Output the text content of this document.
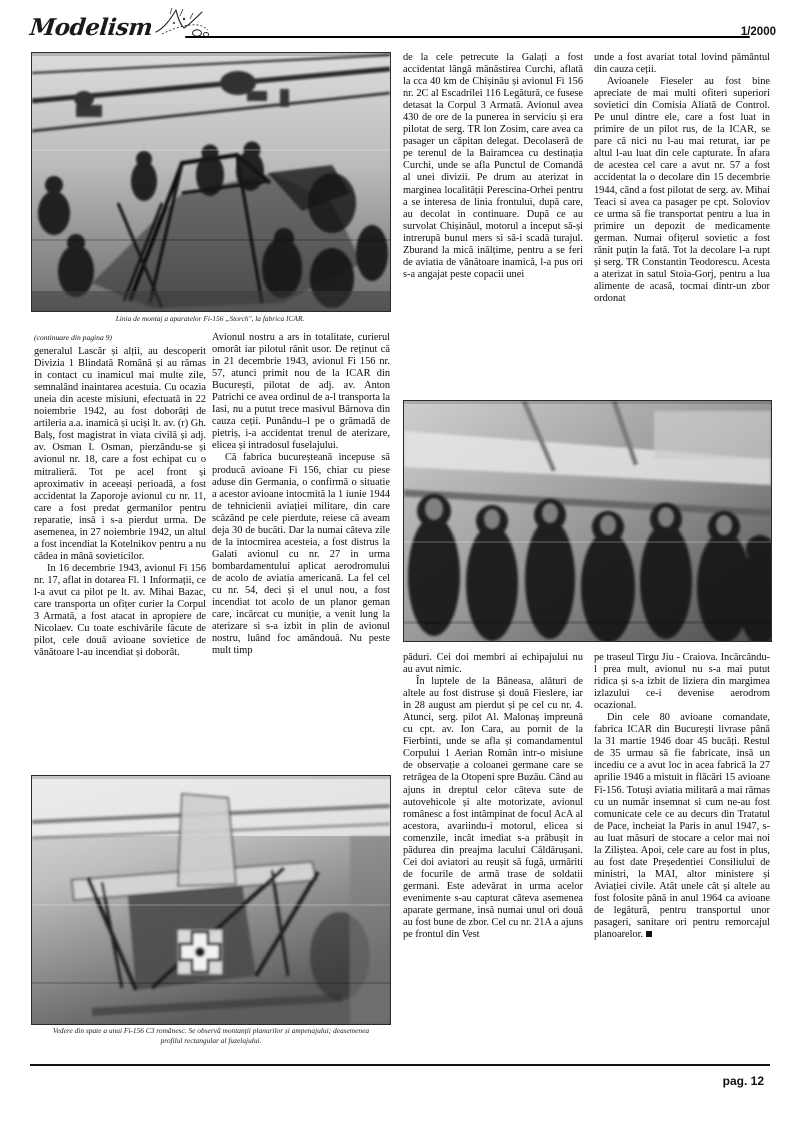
Modelism	1/2000
Linia de montaj a aparatelor Fi-156 „Storch", la fabrica ICAR.

(continuare din pagina 9)

generalul Lascăr și alții, au descoperit Divizia 1 Blindată Română și au rămas in contact cu inamicul mai multe zile, semnalând inaintarea acestuia. Cu ocazia uneia din aceste misiuni, efectuată in 22 noiembrie 1942, au fost doborâți de artileria a.a. inamică și uciși lt. av. (r) Gh. Balș, fost magistrat in viata civilă și adj. av. Osman I. Osman, pierzându-se și avionul nr. 18, care a fost echipat cu o mitralieră. Tot pe acel front și aproximativ in aceeași perioadă, a fost accidentat la Zaporoje avionul cu nr. 11, care a fost predat germanilor pentru reparatie, insă i s-a pierdut urma. De asemenea, in 27 noiembrie 1942, un altul a fost incendiat la Kotelnikov pentru a nu cădea in mână sovieticilor.

In 16 decembrie 1943, avionul Fi 156 nr. 17, aflat in dotarea Fl. 1 Informații, ce l-a avut ca pilot pe lt. av. Mihai Bazac, care transporta un ofițer curier la Corpul 3 Armată, a fost atacat in apropiere de Nicolaev. Cu toate eschivările făcute de pilot, cele două avioane sovietice de vânătoare l-au incendiat și doborât.

Avionul nostru a ars in totalitate, curierul omorât iar pilotul rănit usor. De reținut că in 21 decembrie 1943, avionul Fi 156 nr. 57, atunci primit nou de la ICAR din București, pilotat de adj. av. Anton Patrichi ce avea ordinul de a-l transporta la Iasi, nu a putut trece masivul Bârnova din cauza ceții. Punându–l pe o grămadă de pietriș, i-a accidentat trenul de aterizare, elicea și intradosul fuselajului.

Că fabrica bucureșteană incepuse să producă avioane Fi 156, chiar cu piese aduse din Germania, o confirmă o situatie a acestor avioane intocmită la 1 iunie 1944 de tehnicienii aviației militare, din care scăzând pe cele pierdute, reiese că aveam deja 30 de bucăti. Dar la numai câteva zile de la intocmirea acesteia, a fost distrus la Galati avionul cu nr. 27 in urma bombardamentului aplicat aerodromului de acolo de aviatia americană. La fel cel cu nr. 54, deci și el unul nou, a fost incendiat tot acolo de un planor geman care, incărcat cu muniție, a venit lung la aterizare si s-a izbit in plin de avionul nostru, luând foc amândouă. Nu peste mult timp

de la cele petrecute la Galați a fost accidentat lângă mănăstirea Curchi, aflată la cca 40 km de Chișinău și avionul Fi 156 nr. 2C al Escadrilei 116 Legătură, ce fusese detasat la Corpul 3 Armată. Avionul avea 430 de ore de la punerea in serviciu și era pilotat de serg. TR lon Zosim, care avea ca pasager un căpitan delegat. Decolaseră de pe terenul de la Bairamcea cu destinația Curchi, unde se afla Punctul de Comandă al unei divizii. Pe drum au aterizat in marginea localității Perescina-Orhei pentru a se interesa de linia frontului, după care, au decolat in continuare. După ce au survolat Chișinăul, motorul a inceput să-și intrerupă bunul mers si să-i scadă turajul. Zburand la mică inălțime, pentru a se feri de aviatia de vânătoare inamică, l-a pus ori s-a angajat peste copacii unei

unde a fost avariat total lovind pământul din cauza ceții.

Avioanele Fieseler au fost bine apreciate de mai multi ofiteri superiori sovietici din Comisia Aliată de Control. Pe unul dintre ele, care a fost luat in primire de un pilot rus, de la ICAR, se pare că nici nu l-au mai returat, iar pe altul l-au luat din cele capturate. În afara de acestea cel care a avut nr. 57 a fost accidentat la o decolare din 15 decembrie 1944, când a fost pilotat de serg. av. Mihai Teaci si avea ca pasager pe cpt. Soloviov ce urma să fie transportat pentru a lua in primire un depozit de medicamente german. Numai ofițerul sovietic a fost rănit puțin la fată. Tot la decolare l-a rupt și serg. TR Constantin Teodorescu. Acesta a aterizat in satul Stoia-Gorj, pentru a lua alimente de acasă, tocmai dintr-un zbor ordonat

păduri. Cei doi membri ai echipajului nu au avut nimic.

În luptele de la Băneasa, alături de altele au fost distruse și două Fieslere, iar in 28 august am pierdut și pe cel cu nr. 4. Atunci, serg. pilot Al. Malonaș impreună cu cpt. av. Ion Cara, au pornit de la Fierbinti, unde se afla și comandamentul Corpului 1 Aerian Român intr-o misiune de observație a coloanei germane care se retrăgea de la Otopeni spre Buzău. Când au ajuns in dreptul celor câteva sute de autovehicole și alte motorizate, avionul românesc a fost intâmpinat de focul AcA al acestora, avariindu-i motorul, elicea si comenzile, incât imediat s-a prăbușit in pădurea din preajma lacului Căldărușani. Cei doi aviatori au reușit să fugă, urmăriti de focurile de armă trase de soldatii germani. Este adevărat in urma acelor evenimente s-au capturat câteva asemenea aparate germane, insă numai unul ori două au fost bune de zbor. Cel cu nr. 21A a ajuns pe frontul din Vest

pe traseul Tirgu Jiu - Craiova. Incărcându-l prea mult, avionul nu s-a mai putut ridica și s-a izbit de liziera din margimea izlazului ce-i devenise aerodrom ocazional.

Din cele 80 avioane comandate, fabrica ICAR din București livrase până la 31 martie 1946 doar 45 bucăți. Restul de 35 urmau să fie fabricate, insă un incediu ce a avut loc in acea fabrică la 27 aprilie 1946 a mistuit in flăcări 15 avioane Fi-156. Totuși aviatia militară a mai rămas cu un număr insemnat si cum ne-au fost comunicate cele ce au decurs din Tratatul de Pace, incheiat la Paris in anul 1947, s-au luat măsuri de stocare a celor mai noi la Ziliștea. Apoi, cele care au fost in plus, au fost date Președentiei Consiliului de ministri, la MAI, altor ministere și Aviației civile. Atât unele cât și altele au fost folosite până in anul 1964 ca avioane de legătură, pentru transportul unor pasageri, sanitare ori pentru remorcajul planoarelor.

Vedere din spate a unui Fi-156 C3 românesc. Se observă montanții planurilor și ampenajului; deasemenea profilul rectangular al fuzelajului.
pag. 12
